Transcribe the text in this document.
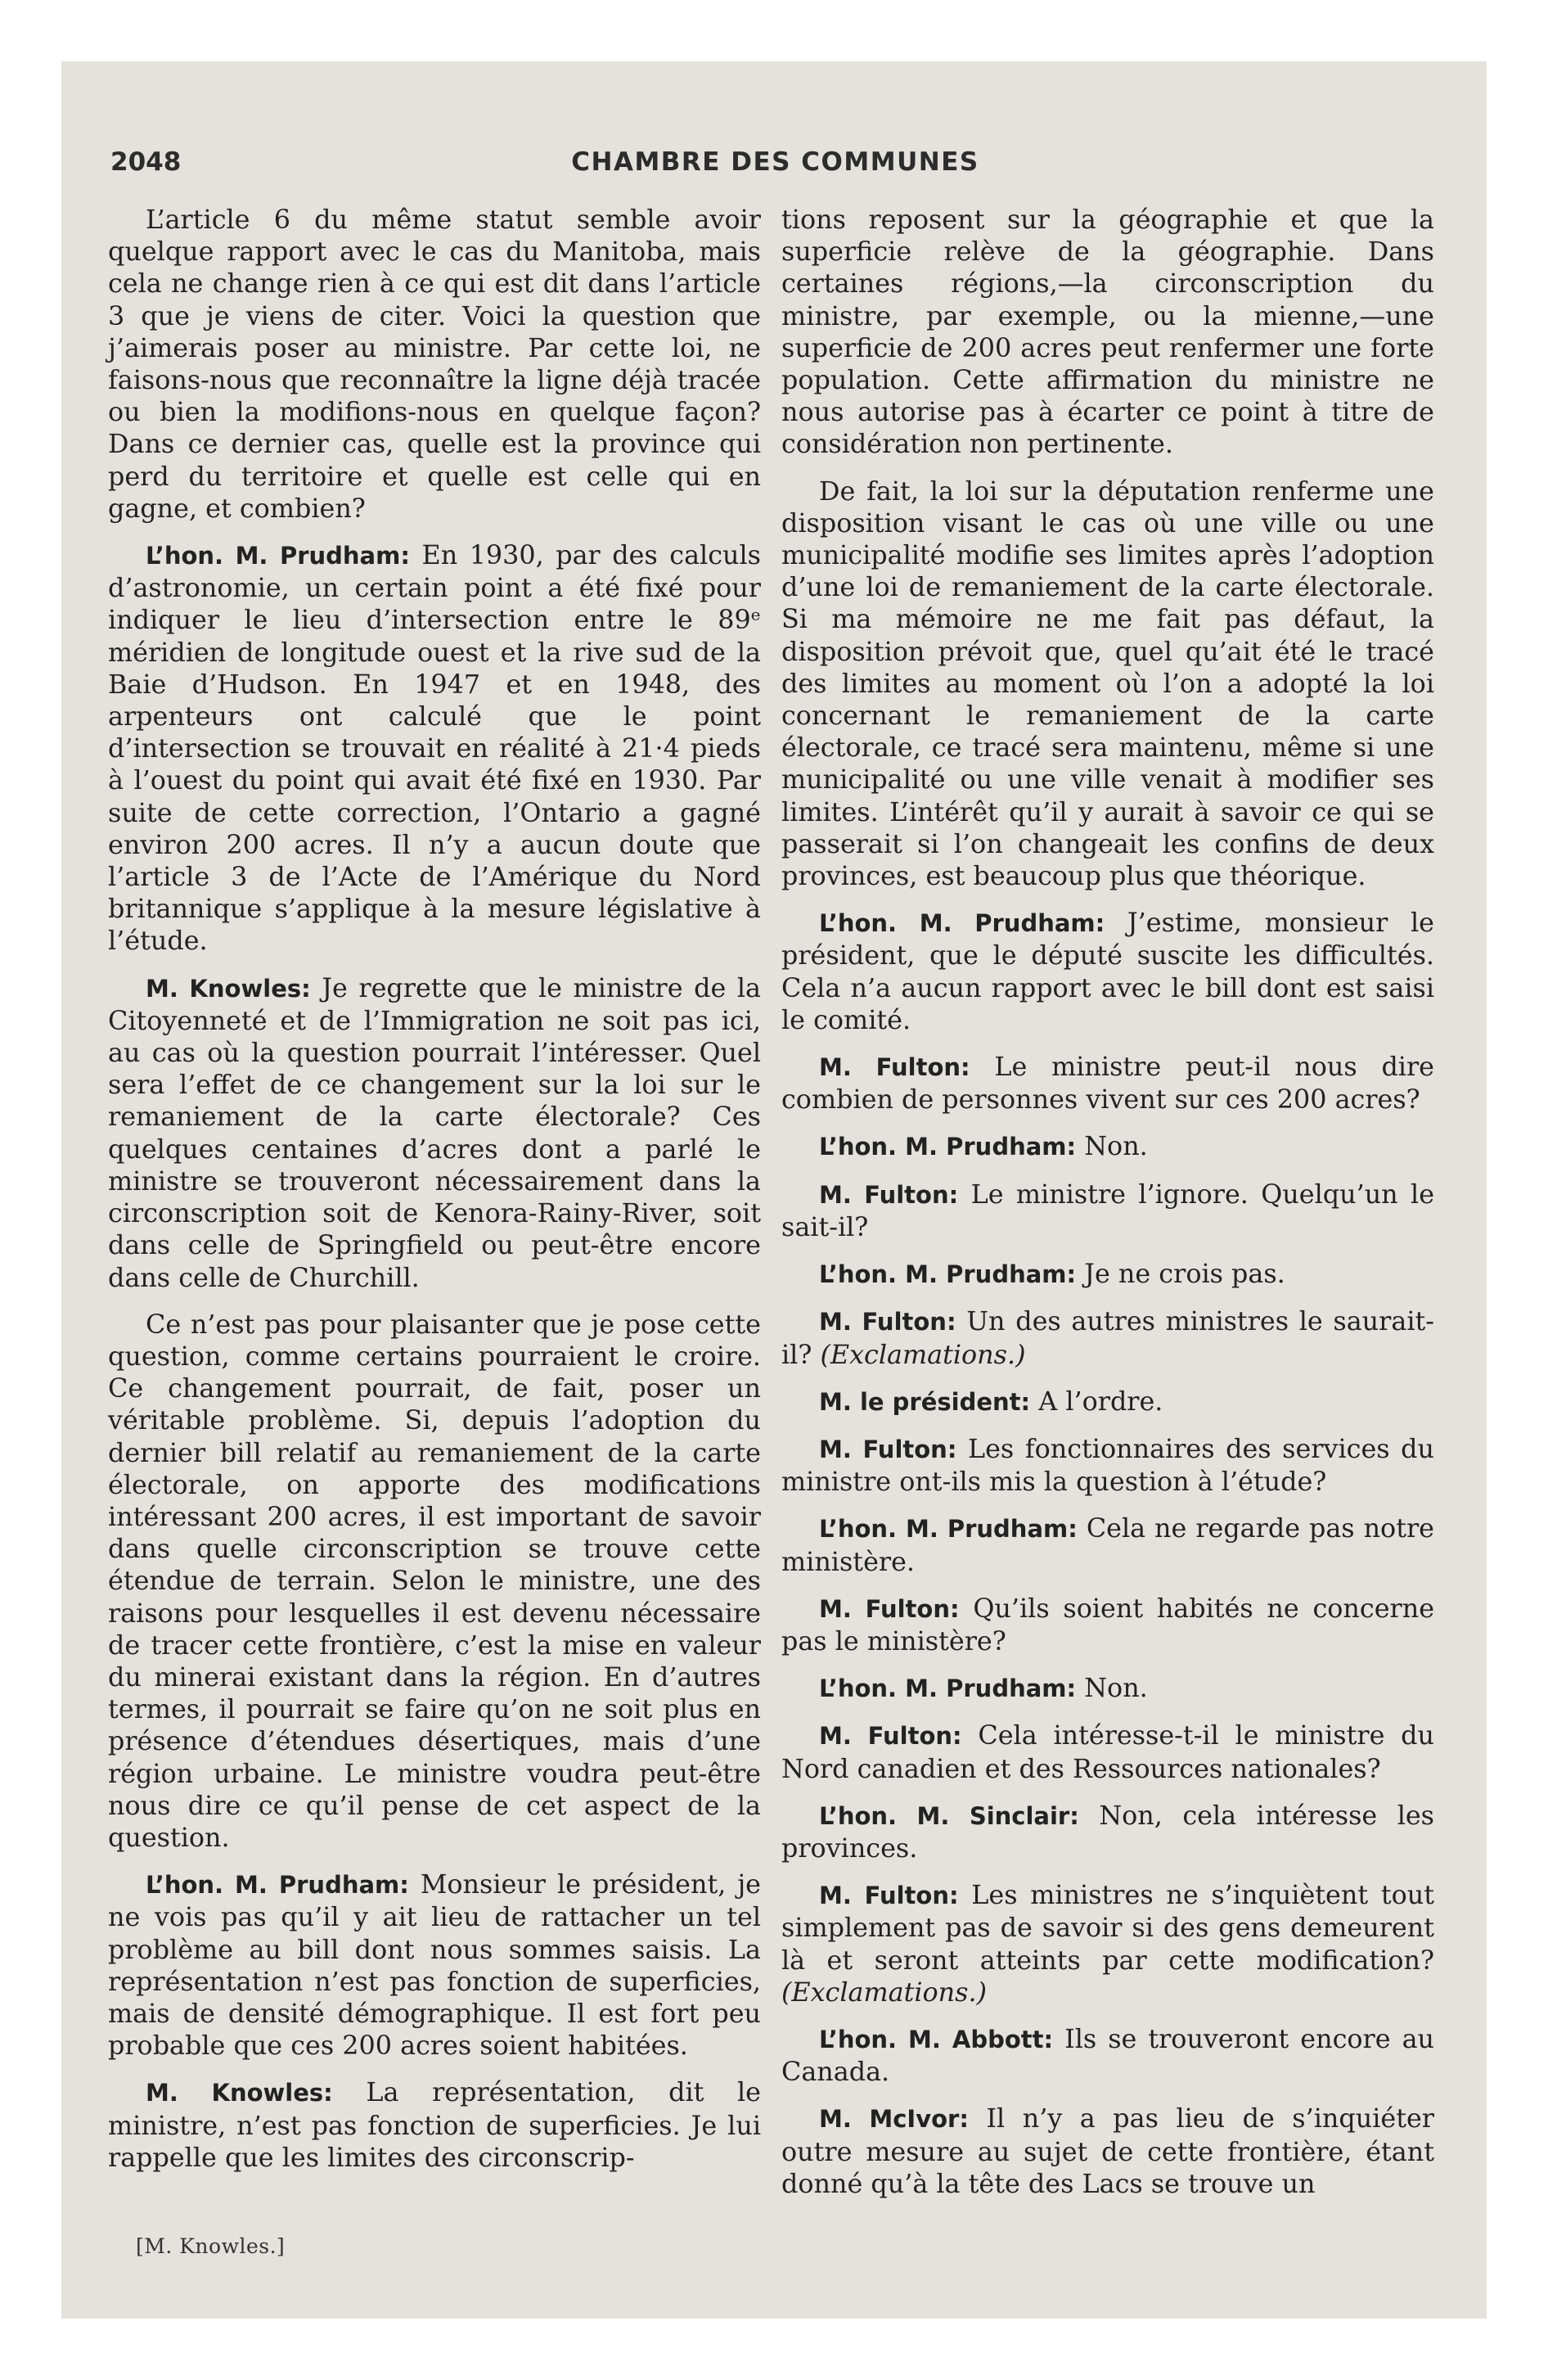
2048	CHAMBRE DES COMMUNES

L’article 6 du même statut semble avoir quelque rapport avec le cas du Manitoba, mais cela ne change rien à ce qui est dit dans l’article 3 que je viens de citer. Voici la question que j’aimerais poser au ministre. Par cette loi, ne faisons-nous que reconnaître la ligne déjà tracée ou bien la modifions-nous en quelque façon? Dans ce dernier cas, quelle est la province qui perd du territoire et quelle est celle qui en gagne, et combien?

L’hon. M. Prudham: En 1930, par des calculs d’astronomie, un certain point a été fixé pour indiquer le lieu d’intersection entre le 89ᵉ méridien de longitude ouest et la rive sud de la Baie d’Hudson. En 1947 et en 1948, des arpenteurs ont calculé que le point d’intersection se trouvait en réalité à 21·4 pieds à l’ouest du point qui avait été fixé en 1930. Par suite de cette correction, l’Ontario a gagné environ 200 acres. Il n’y a aucun doute que l’article 3 de l’Acte de l’Amérique du Nord britannique s’applique à la mesure législative à l’étude.

M. Knowles: Je regrette que le ministre de la Citoyenneté et de l’Immigration ne soit pas ici, au cas où la question pourrait l’intéresser. Quel sera l’effet de ce changement sur la loi sur le remaniement de la carte électorale? Ces quelques centaines d’acres dont a parlé le ministre se trouveront nécessairement dans la circonscription soit de Kenora-Rainy-River, soit dans celle de Springfield ou peut-être encore dans celle de Churchill.

Ce n’est pas pour plaisanter que je pose cette question, comme certains pourraient le croire. Ce changement pourrait, de fait, poser un véritable problème. Si, depuis l’adoption du dernier bill relatif au remaniement de la carte électorale, on apporte des modifications intéressant 200 acres, il est important de savoir dans quelle circonscription se trouve cette étendue de terrain. Selon le ministre, une des raisons pour lesquelles il est devenu nécessaire de tracer cette frontière, c’est la mise en valeur du minerai existant dans la région. En d’autres termes, il pourrait se faire qu’on ne soit plus en présence d’étendues désertiques, mais d’une région urbaine. Le ministre voudra peut-être nous dire ce qu’il pense de cet aspect de la question.

L’hon. M. Prudham: Monsieur le président, je ne vois pas qu’il y ait lieu de rattacher un tel problème au bill dont nous sommes saisis. La représentation n’est pas fonction de superficies, mais de densité démographique. Il est fort peu probable que ces 200 acres soient habitées.

M. Knowles: La représentation, dit le ministre, n’est pas fonction de superficies. Je lui rappelle que les limites des circonscrip-

tions reposent sur la géographie et que la superficie relève de la géographie. Dans certaines régions,—la circonscription du ministre, par exemple, ou la mienne,—une superficie de 200 acres peut renfermer une forte population. Cette affirmation du ministre ne nous autorise pas à écarter ce point à titre de considération non pertinente.

De fait, la loi sur la députation renferme une disposition visant le cas où une ville ou une municipalité modifie ses limites après l’adoption d’une loi de remaniement de la carte électorale. Si ma mémoire ne me fait pas défaut, la disposition prévoit que, quel qu’ait été le tracé des limites au moment où l’on a adopté la loi concernant le remaniement de la carte électorale, ce tracé sera maintenu, même si une municipalité ou une ville venait à modifier ses limites. L’intérêt qu’il y aurait à savoir ce qui se passerait si l’on changeait les confins de deux provinces, est beaucoup plus que théorique.

L’hon. M. Prudham: J’estime, monsieur le président, que le député suscite les difficultés. Cela n’a aucun rapport avec le bill dont est saisi le comité.

M. Fulton: Le ministre peut-il nous dire combien de personnes vivent sur ces 200 acres?

L’hon. M. Prudham: Non.

M. Fulton: Le ministre l’ignore. Quelqu’un le sait-il?

L’hon. M. Prudham: Je ne crois pas.

M. Fulton: Un des autres ministres le saurait-il? (Exclamations.)

M. le président: A l’ordre.

M. Fulton: Les fonctionnaires des services du ministre ont-ils mis la question à l’étude?

L’hon. M. Prudham: Cela ne regarde pas notre ministère.

M. Fulton: Qu’ils soient habités ne concerne pas le ministère?

L’hon. M. Prudham: Non.

M. Fulton: Cela intéresse-t-il le ministre du Nord canadien et des Ressources nationales?

L’hon. M. Sinclair: Non, cela intéresse les provinces.

M. Fulton: Les ministres ne s’inquiètent tout simplement pas de savoir si des gens demeurent là et seront atteints par cette modification? (Exclamations.)

L’hon. M. Abbott: Ils se trouveront encore au Canada.

M. McIvor: Il n’y a pas lieu de s’inquiéter outre mesure au sujet de cette frontière, étant donné qu’à la tête des Lacs se trouve un

[M. Knowles.]
